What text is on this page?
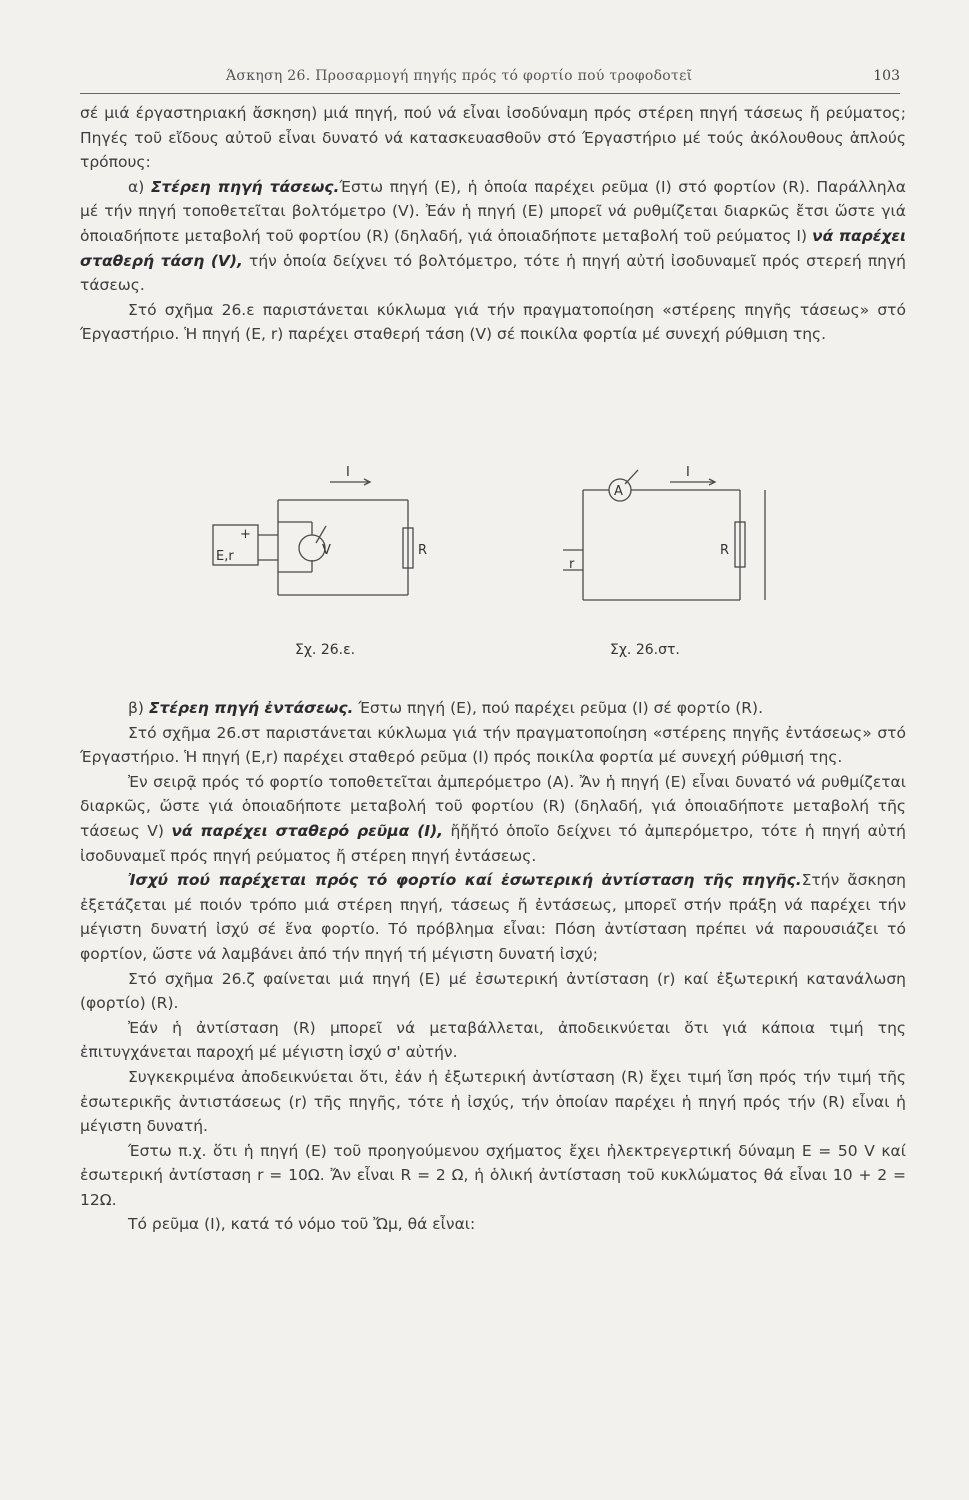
Άσκηση 26. Προσαρμογή πηγής πρός τό φορτίο πού τροφοδοτεῖ	103

σέ μιά έργαστηριακή ἄσκηση) μιά πηγή, πού νά εἶναι ἰσοδύναμη πρός στέρεη πηγή τάσεως ἤ ρεύματος; Πηγές τοῦ εἴδους αὐτοῦ εἶναι δυνατό νά κατασκευασθοῦν στό Έργαστήριο μέ τούς ἀκόλουθους ἁπλούς τρόπους:

α) Στέρεη πηγή τάσεως.Έστω πηγή (Ε), ἡ ὁποία παρέχει ρεῦμα (Ι) στό φορτίον (R). Παράλληλα μέ τήν πηγή τοποθετεῖται βολτόμετρο (V). Ἐάν ἡ πηγή (Ε) μπορεῖ νά ρυθμίζεται διαρκῶς ἔτσι ὥστε γιά ὁποιαδήποτε μεταβολή τοῦ φορτίου (R) (δηλαδή, γιά ὁποιαδήποτε μεταβολή τοῦ ρεύματος Ι) νά παρέχει σταθερή τάση (V), τήν ὁποία δείχνει τό βολτόμετρο, τότε ἡ πηγή αὐτή ἰσοδυναμεῖ πρός στερεή πηγή τάσεως.

Στό σχῆμα 26.ε παριστάνεται κύκλωμα γιά τήν πραγματοποίηση «στέρεης πηγῆς τάσεως» στό Έργαστήριο. Ἡ πηγή (Ε, r) παρέχει σταθερή τάση (V) σέ ποικίλα φορτία μέ συνεχή ρύθμιση της.

I
E,r
+
V	R
I
A
R
r
Σχ. 26.ε.	Σχ. 26.στ.

β) Στέρεη πηγή ἐντάσεως. Έστω πηγή (Ε), πού παρέχει ρεῦμα (Ι) σέ φορτίο (R).

Στό σχῆμα 26.στ παριστάνεται κύκλωμα γιά τήν πραγματοποίηση «στέρεης πηγῆς ἐντάσεως» στό Έργαστήριο. Ἡ πηγή (Ε,r) παρέχει σταθερό ρεῦμα (Ι) πρός ποικίλα φορτία μέ συνεχή ρύθμισή της.

Ἐν σειρᾷ πρός τό φορτίο τοποθετεῖται ἀμπερόμετρο (Α). Ἄν ἡ πηγή (Ε) εἶναι δυνατό νά ρυθμίζεται διαρκῶς, ὥστε γιά ὁποιαδήποτε μεταβολή τοῦ φορτίου (R) (δηλαδή, γιά ὁποιαδήποτε μεταβολή τῆς τάσεως V) νά παρέχει σταθερό ρεῦμα (Ι), ἤἤἤτό ὁποῖο δείχνει τό ἀμπερόμετρο, τότε ἡ πηγή αὐτή ἰσοδυναμεῖ πρός πηγή ρεύματος ἤ στέρεη πηγή ἐντάσεως.

Ἰσχύ πού παρέχεται πρός τό φορτίο καί ἐσωτερική ἀντίσταση τῆς πηγῆς.Στήν ἄσκηση ἐξετάζεται μέ ποιόν τρόπο μιά στέρεη πηγή, τάσεως ἤ ἐντάσεως, μπορεῖ στήν πράξη νά παρέχει τήν μέγιστη δυνατή ἰσχύ σέ ἕνα φορτίο. Τό πρόβλημα εἶναι: Πόση ἀντίσταση πρέπει νά παρουσιάζει τό φορτίον, ὥστε νά λαμβάνει ἀπό τήν πηγή τή μέγιστη δυνατή ἰσχύ;

Στό σχῆμα 26.ζ φαίνεται μιά πηγή (Ε) μέ ἐσωτερική ἀντίσταση (r) καί ἐξωτερική κατανάλωση (φορτίο) (R).

Ἐάν ἡ ἀντίσταση (R) μπορεῖ νά μεταβάλλεται, ἀποδεικνύεται ὅτι γιά κάποια τιμή της ἐπιτυγχάνεται παροχή μέ μέγιστη ἰσχύ σ' αὐτήν.

Συγκεκριμένα ἀποδεικνύεται ὅτι, ἐάν ἡ ἐξωτερική ἀντίσταση (R) ἔχει τιμή ἴση πρός τήν τιμή τῆς ἐσωτερικῆς ἀντιστάσεως (r) τῆς πηγῆς, τότε ἡ ἰσχύς, τήν ὁποίαν παρέχει ἡ πηγή πρός τήν (R) εἶναι ἡ μέγιστη δυνατή.

Έστω π.χ. ὅτι ἡ πηγή (Ε) τοῦ προηγούμενου σχήματος ἔχει ἠλεκτρεγερτική δύναμη Ε = 50 V καί ἐσωτερική ἀντίσταση r = 10Ω. Ἄν εἶναι R = 2 Ω, ἡ ὁλική ἀντίσταση τοῦ κυκλώματος θά εἶναι 10 + 2 = 12Ω.

Τό ρεῦμα (Ι), κατά τό νόμο τοῦ Ὤμ, θά εἶναι:
